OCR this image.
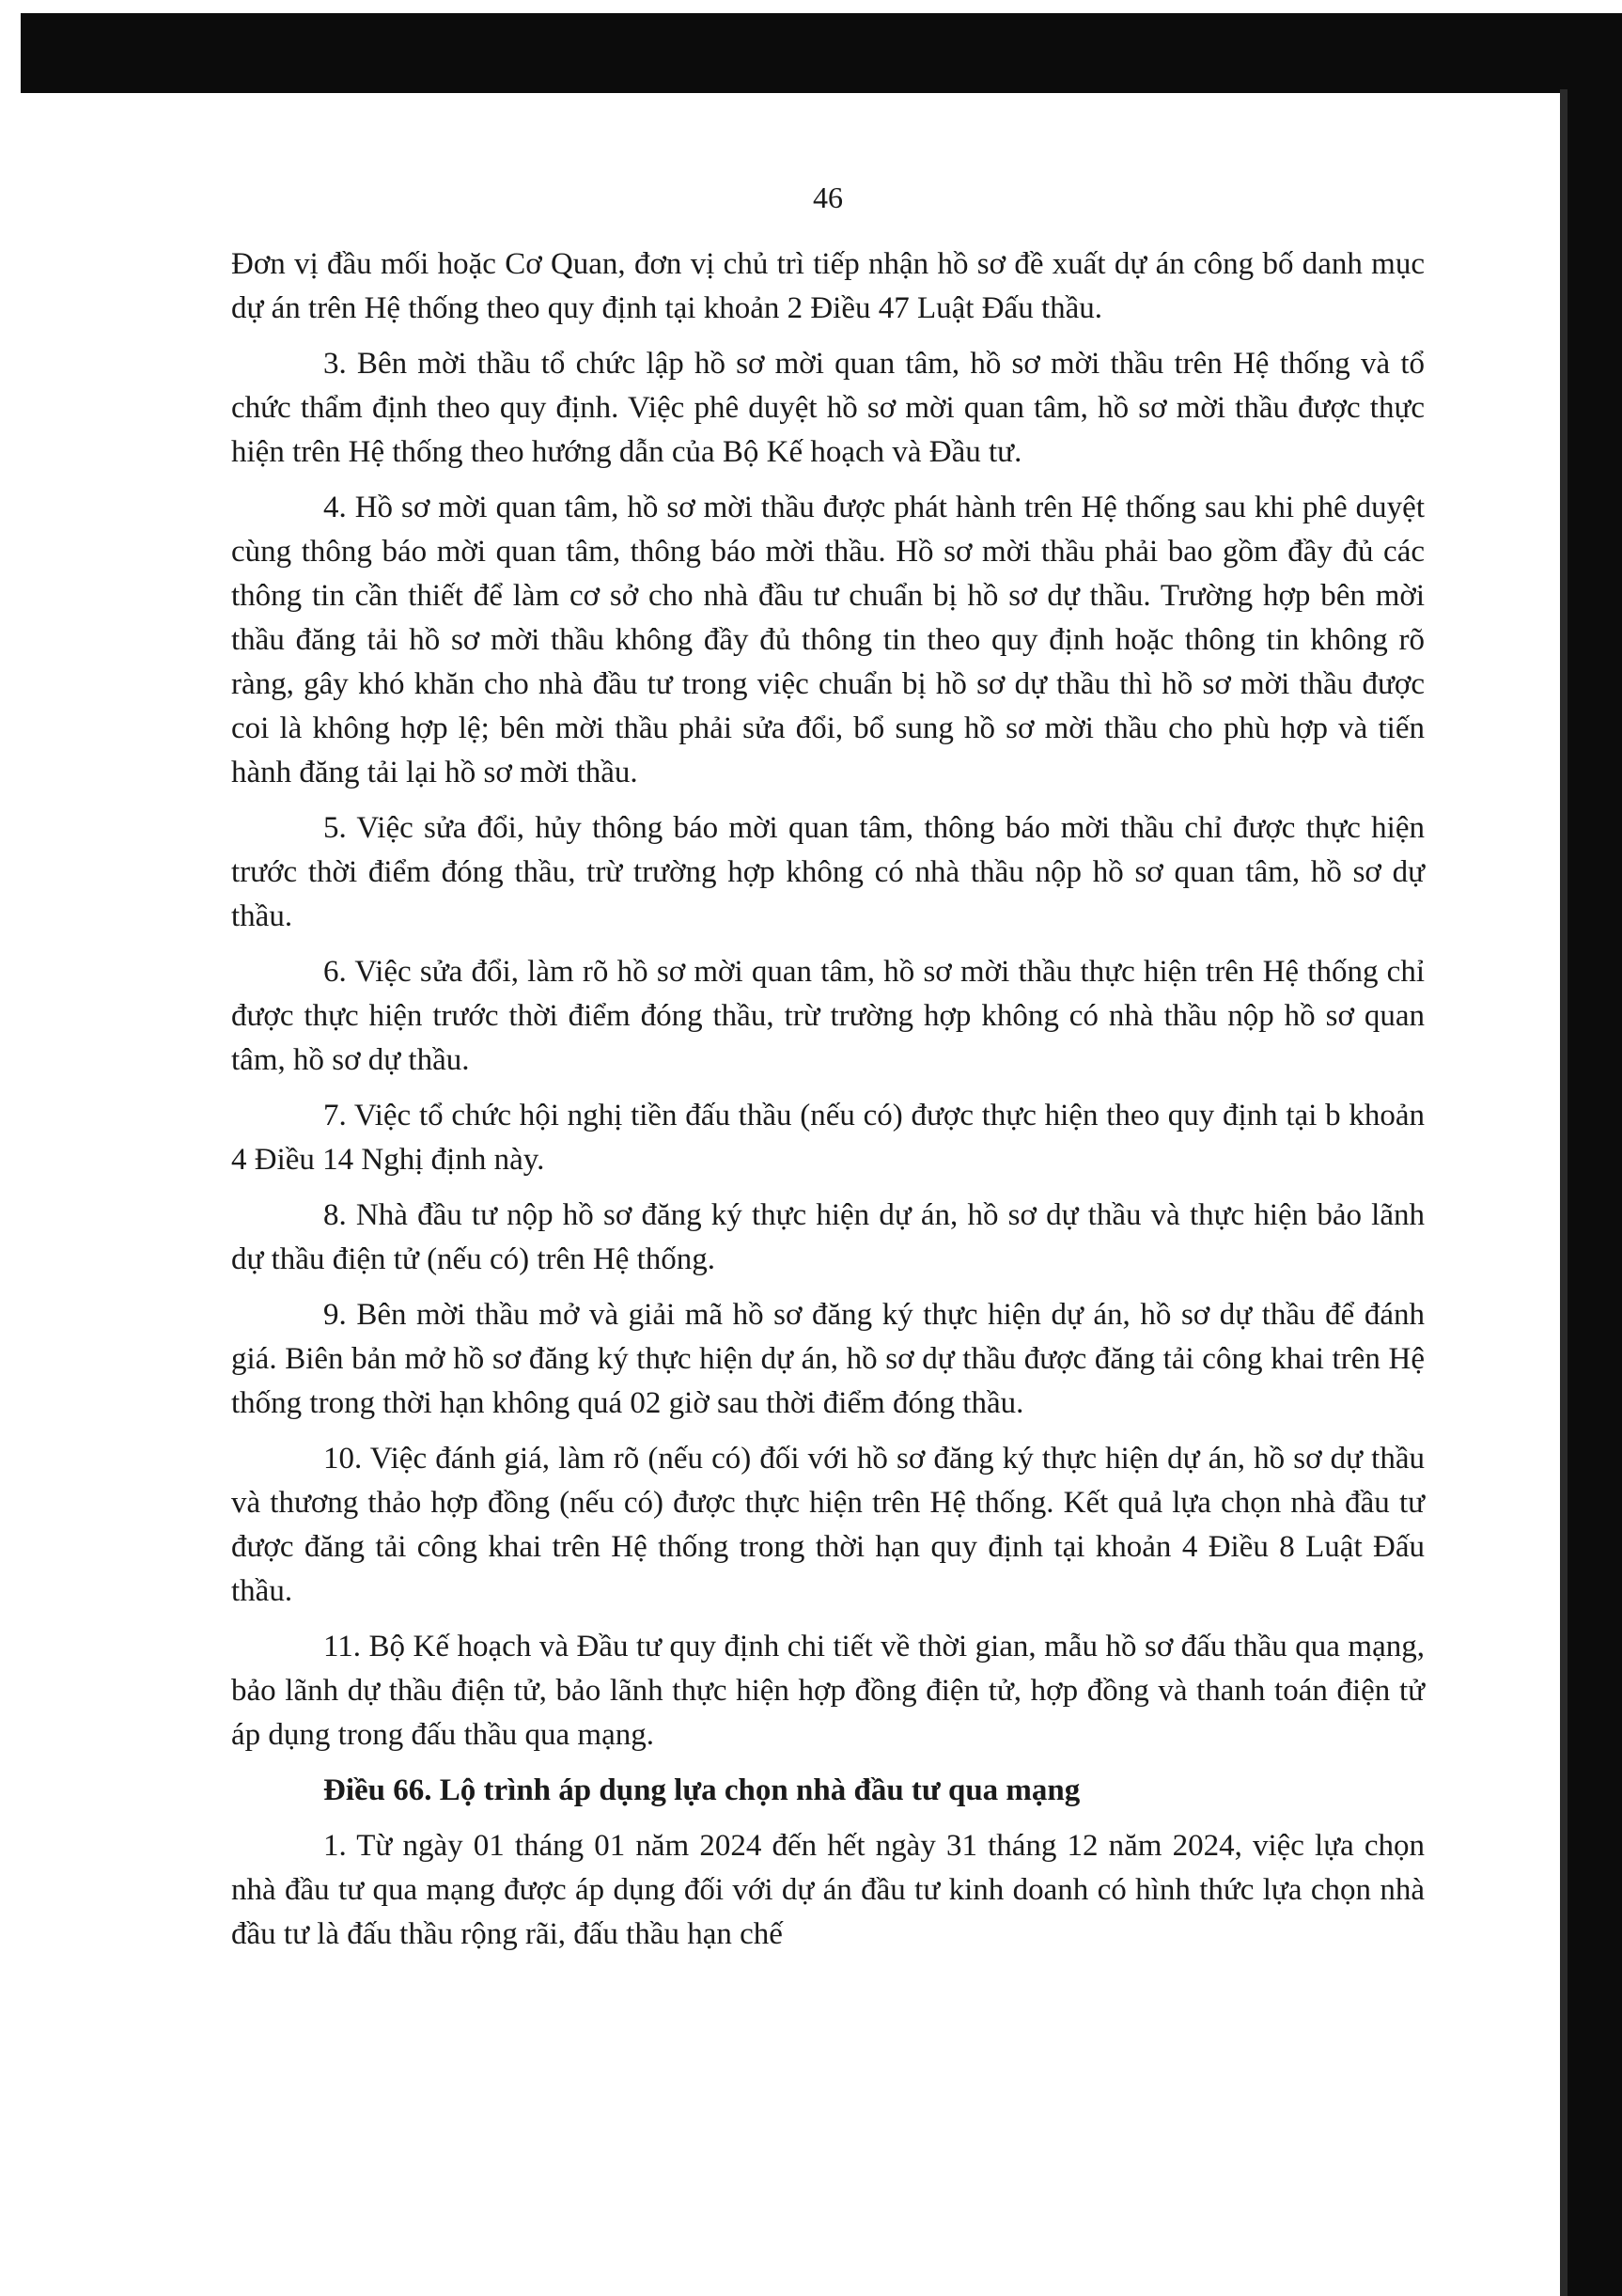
46

Đơn vị đầu mối hoặc Cơ Quan, đơn vị chủ trì tiếp nhận hồ sơ đề xuất dự án công bố danh mục dự án trên Hệ thống theo quy định tại khoản 2 Điều 47 Luật Đấu thầu.

3. Bên mời thầu tổ chức lập hồ sơ mời quan tâm, hồ sơ mời thầu trên Hệ thống và tổ chức thẩm định theo quy định. Việc phê duyệt hồ sơ mời quan tâm, hồ sơ mời thầu được thực hiện trên Hệ thống theo hướng dẫn của Bộ Kế hoạch và Đầu tư.

4. Hồ sơ mời quan tâm, hồ sơ mời thầu được phát hành trên Hệ thống sau khi phê duyệt cùng thông báo mời quan tâm, thông báo mời thầu. Hồ sơ mời thầu phải bao gồm đầy đủ các thông tin cần thiết để làm cơ sở cho nhà đầu tư chuẩn bị hồ sơ dự thầu. Trường hợp bên mời thầu đăng tải hồ sơ mời thầu không đầy đủ thông tin theo quy định hoặc thông tin không rõ ràng, gây khó khăn cho nhà đầu tư trong việc chuẩn bị hồ sơ dự thầu thì hồ sơ mời thầu được coi là không hợp lệ; bên mời thầu phải sửa đổi, bổ sung hồ sơ mời thầu cho phù hợp và tiến hành đăng tải lại hồ sơ mời thầu.

5. Việc sửa đổi, hủy thông báo mời quan tâm, thông báo mời thầu chỉ được thực hiện trước thời điểm đóng thầu, trừ trường hợp không có nhà thầu nộp hồ sơ quan tâm, hồ sơ dự thầu.

6. Việc sửa đổi, làm rõ hồ sơ mời quan tâm, hồ sơ mời thầu thực hiện trên Hệ thống chỉ được thực hiện trước thời điểm đóng thầu, trừ trường hợp không có nhà thầu nộp hồ sơ quan tâm, hồ sơ dự thầu.

7. Việc tổ chức hội nghị tiền đấu thầu (nếu có) được thực hiện theo quy định tại b khoản 4 Điều 14 Nghị định này.

8. Nhà đầu tư nộp hồ sơ đăng ký thực hiện dự án, hồ sơ dự thầu và thực hiện bảo lãnh dự thầu điện tử (nếu có) trên Hệ thống.

9. Bên mời thầu mở và giải mã hồ sơ đăng ký thực hiện dự án, hồ sơ dự thầu để đánh giá. Biên bản mở hồ sơ đăng ký thực hiện dự án, hồ sơ dự thầu được đăng tải công khai trên Hệ thống trong thời hạn không quá 02 giờ sau thời điểm đóng thầu.

10. Việc đánh giá, làm rõ (nếu có) đối với hồ sơ đăng ký thực hiện dự án, hồ sơ dự thầu và thương thảo hợp đồng (nếu có) được thực hiện trên Hệ thống. Kết quả lựa chọn nhà đầu tư được đăng tải công khai trên Hệ thống trong thời hạn quy định tại khoản 4 Điều 8 Luật Đấu thầu.

11. Bộ Kế hoạch và Đầu tư quy định chi tiết về thời gian, mẫu hồ sơ đấu thầu qua mạng, bảo lãnh dự thầu điện tử, bảo lãnh thực hiện hợp đồng điện tử, hợp đồng và thanh toán điện tử áp dụng trong đấu thầu qua mạng.

Điều 66. Lộ trình áp dụng lựa chọn nhà đầu tư qua mạng

1. Từ ngày 01 tháng 01 năm 2024 đến hết ngày 31 tháng 12 năm 2024, việc lựa chọn nhà đầu tư qua mạng được áp dụng đối với dự án đầu tư kinh doanh có hình thức lựa chọn nhà đầu tư là đấu thầu rộng rãi, đấu thầu hạn chế
